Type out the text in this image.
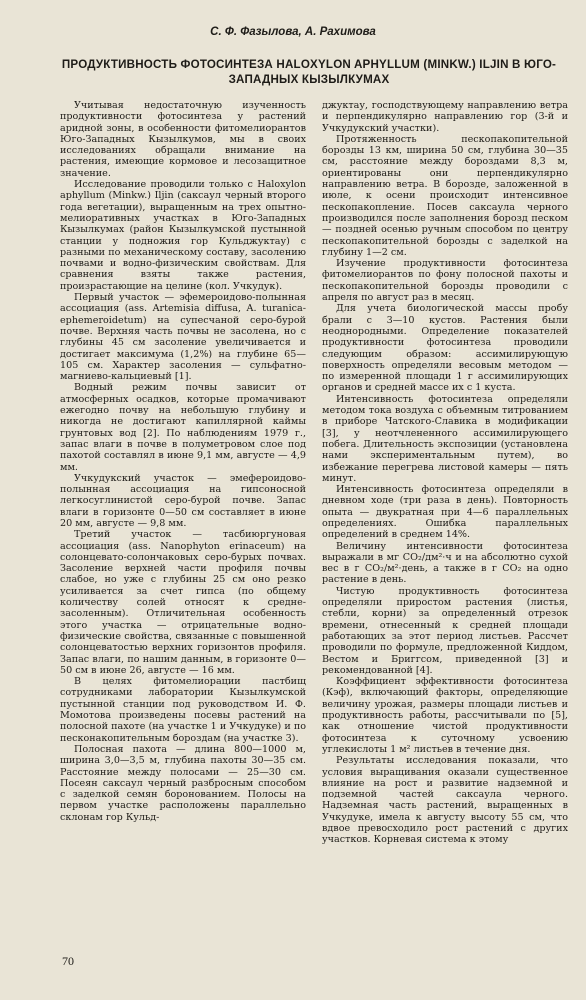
С. Ф. Фазылова, А. Рахимова
ПРОДУКТИВНОСТЬ ФОТОСИНТЕЗА HALOXYLON APHYLLUM (MINKW.) ILJIN В ЮГО-ЗАПАДНЫХ КЫЗЫЛКУМАХ

Учитывая недостаточную изученность продуктивности фотосинтеза у растений аридной зоны, в особенности фитомелиорантов Юго-Западных Кызылкумов, мы в своих исследованиях обращали внимание на растения, имеющие кормовое и лесозащитное значение.

Исследование проводили только с Haloxylon aphyllum (Minkw.) Iljin (саксаул черный второго года вегетации), выращенным на трех опытно-мелиоративных участках в Юго-Западных Кызылкумах (район Кызылкумской пустынной станции у подножия гор Кульджуктау) с разными по механическому составу, засолению почвами и водно-физическим свойствам. Для сравнения взяты также растения, произрастающие на целине (кол. Учкудук).

Первый участок — эфемероидово-полынная ассоциация (ass. Artemisia diffusa, A. turanica-ephemeroidetum) на супесчаной серо-бурой почве. Верхняя часть почвы не засолена, но с глубины 45 см засоление увеличивается и достигает максимума (1,2%) на глубине 65—105 см. Характер засоления — сульфатно-магниево-кальциевый [1].

Водный режим почвы зависит от атмосферных осадков, которые промачивают ежегодно почву на небольшую глубину и никогда не достигают капиллярной каймы грунтовых вод [2]. По наблюдениям 1979 г., запас влаги в почве в полуметровом слое под пахотой составлял в июне 9,1 мм, августе — 4,9 мм.

Учкудукский участок — эмефероидово-полынная ассоциация на гипсоносной легкосуглинистой серо-бурой почве. Запас влаги в горизонте 0—50 см составляет в июне 20 мм, августе — 9,8 мм.

Третий участок — тасбиюргуновая ассоциация (ass. Nanophyton erinaceum) на солонцевато-солончаковых серо-бурых почвах. Засоление верхней части профиля почвы слабое, но уже с глубины 25 см оно резко усиливается за счет гипса (по общему количеству солей относят к средне-засоленным). Отличительная особенность этого участка — отрицательные водно-физические свойства, связанные с повышенной солонцеватостью верхних горизонтов профиля. Запас влаги, по нашим данным, в горизонте 0—50 см в июне 26, августе — 16 мм.

В целях фитомелиорации пастбищ сотрудниками лаборатории Кызылкумской пустынной станции под руководством И. Ф. Момотова произведены посевы растений на полосной пахоте (на участке 1 и Учкудуке) и по песконакопительным бороздам (на участке 3).

Полосная пахота — длина 800—1000 м, ширина 3,0—3,5 м, глубина пахоты 30—35 см. Расстояние между полосами — 25—30 см. Посеян саксаул черный разбросным способом с заделкой семян боронованием. Полосы на первом участке расположены параллельно склонам гор Кульд-

джуктау, господствующему направлению ветра и перпендикулярно направлению гор (3-й и Учкудукский участки).

Протяженность пескопакопительной борозды 13 км, ширина 50 см, глубина 30—35 см, расстояние между бороздами 8,3 м, ориентированы они перпендикулярно направлению ветра. В борозде, заложенной в июле, к осени происходит интенсивное пескопакопление. Посев саксаула черного производился после заполнения борозд песком — поздней осенью ручным способом по центру пескопакопительной борозды с заделкой на глубину 1—2 см.

Изучение продуктивности фотосинтеза фитомелиорантов по фону полосной пахоты и пескопакопительной борозды проводили с апреля по август раз в месяц.

Для учета биологической массы пробу брали с 3—10 кустов. Растения были неоднородными. Определение показателей продуктивности фотосинтеза проводили следующим образом: ассимилирующую поверхность определяли весовым методом — по измеренной площади 1 г ассимилирующих органов и средней массе их с 1 куста.

Интенсивность фотосинтеза определяли методом тока воздуха с объемным титрованием в приборе Чатского-Славика в модификации [3], у неотчлененного ассимилирующего побега. Длительность экспозиции (установлена нами экспериментальным путем), во избежание перегрева листовой камеры — пять минут.

Интенсивность фотосинтеза определяли в дневном ходе (три раза в день). Повторность опыта — двукратная при 4—6 параллельных определениях. Ошибка параллельных определений в среднем 14%.

Величину интенсивности фотосинтеза выражали в мг CO₂/дм²·ч и на абсолютно сухой вес в г CO₂/м²·день, а также в г CO₂ на одно растение в день.

Чистую продуктивность фотосинтеза определяли приростом растения (листья, стебли, корни) за определенный отрезок времени, отнесенный к средней площади работающих за этот период листьев. Рассчет проводили по формуле, предложенной Киддом, Вестом и Бриггсом, приведенной [3] и рекомендованной [4].

Коэффициент эффективности фотосинтеза (Кэф), включающий факторы, определяющие величину урожая, размеры площади листьев и продуктивность работы, рассчитывали по [5], как отношение чистой продуктивности фотосинтеза к суточному усвоению углекислоты 1 м² листьев в течение дня.

Результаты исследования показали, что условия выращивания оказали существенное влияние на рост и развитие надземной и подземной частей саксаула черного. Надземная часть растений, выращенных в Учкудуке, имела к августу высоту 55 см, что вдвое превосходило рост растений с других участков. Корневая система к этому

70
